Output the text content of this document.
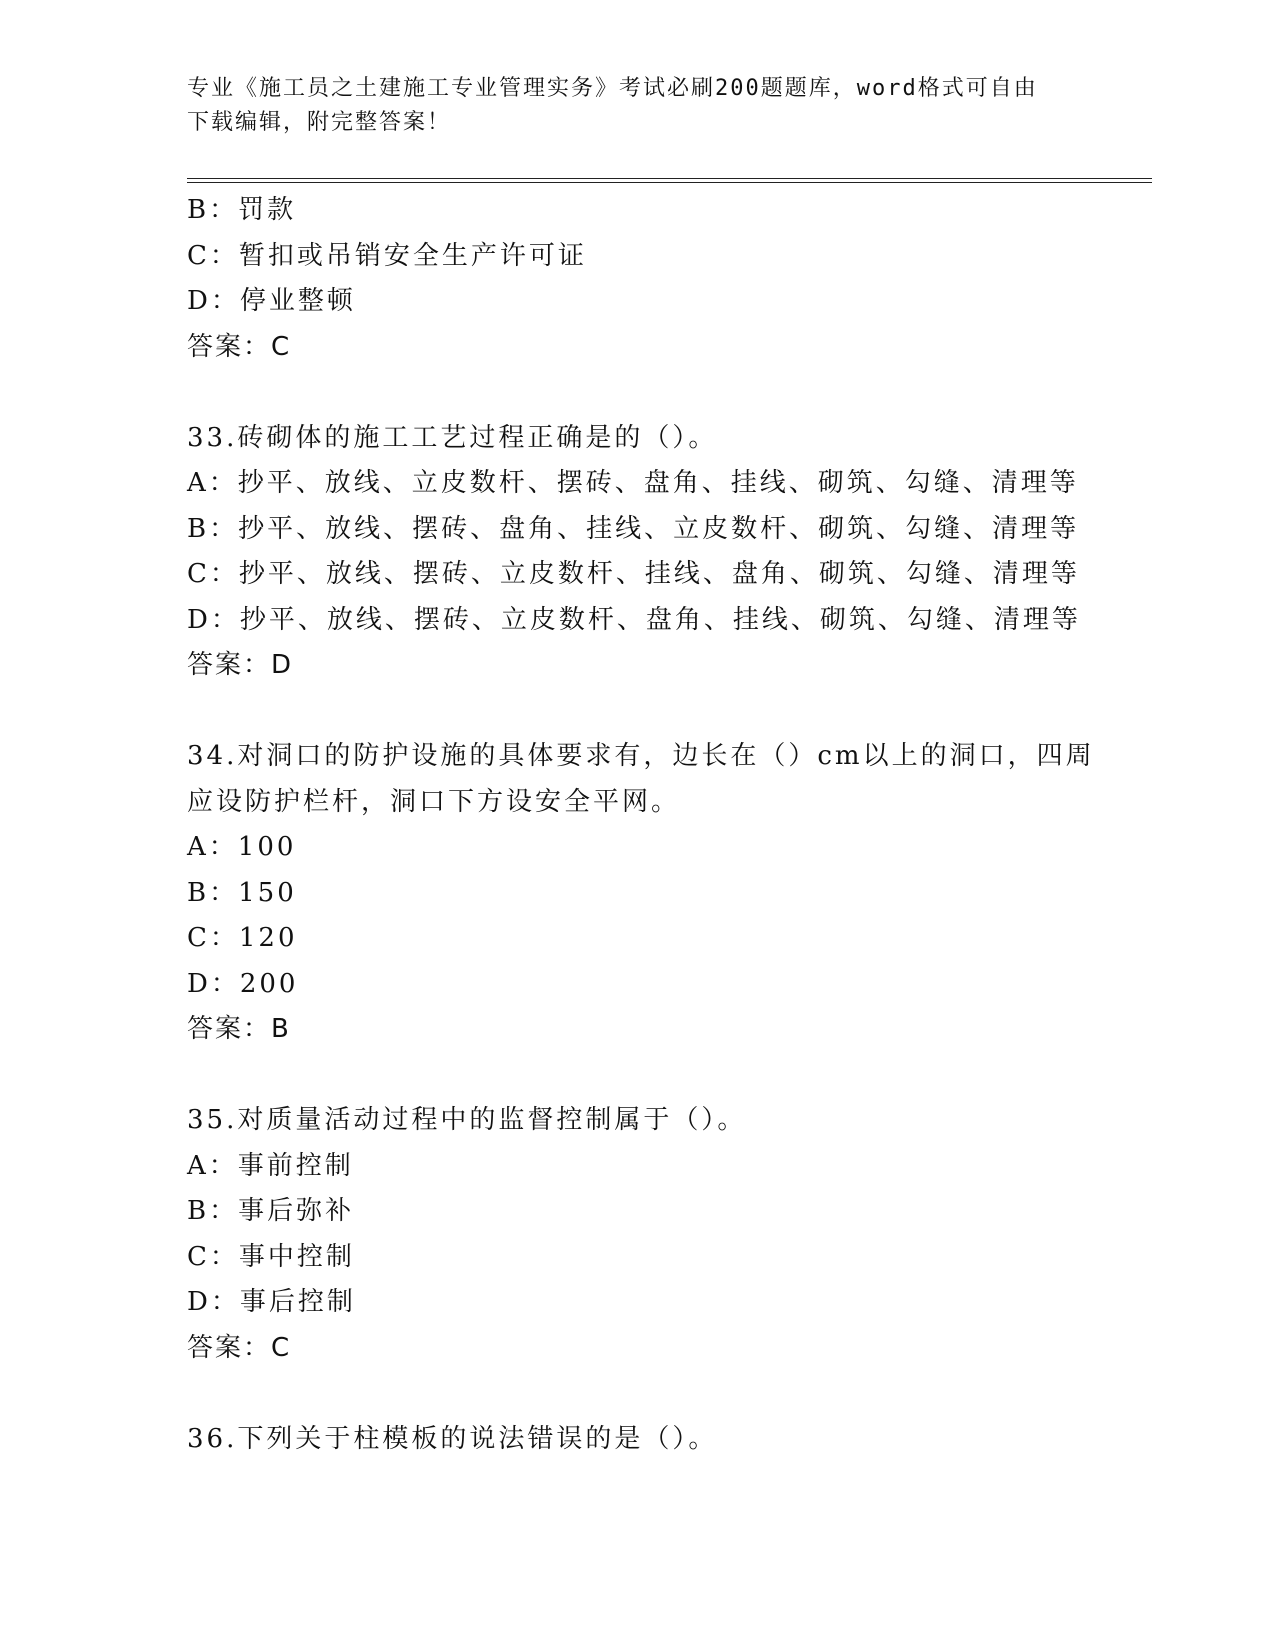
专业《施工员之土建施工专业管理实务》考试必刷200题题库，word格式可自由
下载编辑，附完整答案！
B：罚款
C：暂扣或吊销安全生产许可证
D：停业整顿
答案：C
33.砖砌体的施工工艺过程正确是的（）。
A：抄平、放线、立皮数杆、摆砖、盘角、挂线、砌筑、勾缝、清理等
B：抄平、放线、摆砖、盘角、挂线、立皮数杆、砌筑、勾缝、清理等
C：抄平、放线、摆砖、立皮数杆、挂线、盘角、砌筑、勾缝、清理等
D：抄平、放线、摆砖、立皮数杆、盘角、挂线、砌筑、勾缝、清理等
答案：D
34.对洞口的防护设施的具体要求有，边长在（）cm以上的洞口，四周
应设防护栏杆，洞口下方设安全平网。
A：100
B：150
C：120
D：200
答案：B
35.对质量活动过程中的监督控制属于（）。
A：事前控制
B：事后弥补
C：事中控制
D：事后控制
答案：C
36.下列关于柱模板的说法错误的是（）。
